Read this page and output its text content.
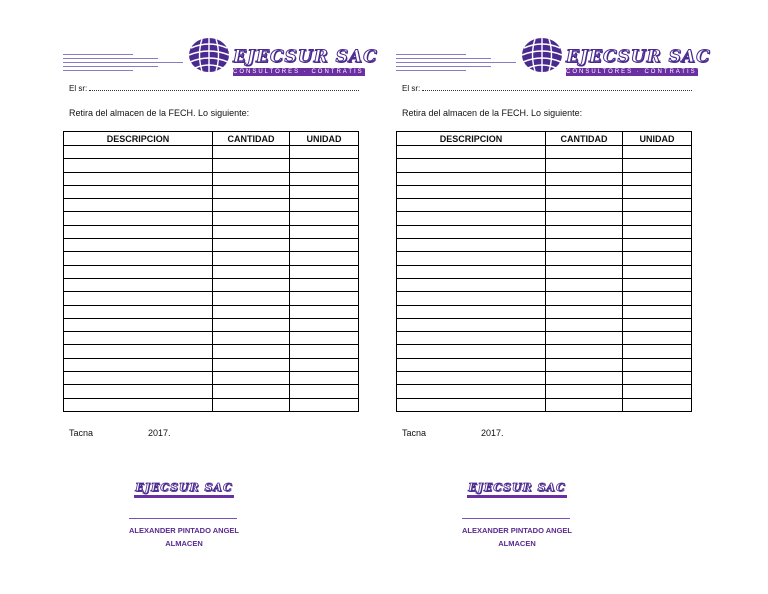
EJECSUR SAC
CONSULTORES · CONTRATISTAS
El sr:
Retira del almacen de la FECH. Lo siguiente:
DESCRIPCION	CANTIDAD	UNIDAD

Tacna	2017.
EJECSUR SAC
ALEXANDER PINTADO ANGEL
ALMACEN
EJECSUR SAC
CONSULTORES · CONTRATISTAS
El sr:
Retira del almacen de la FECH. Lo siguiente:
DESCRIPCION	CANTIDAD	UNIDAD

Tacna	2017.
EJECSUR SAC
ALEXANDER PINTADO ANGEL
ALMACEN
